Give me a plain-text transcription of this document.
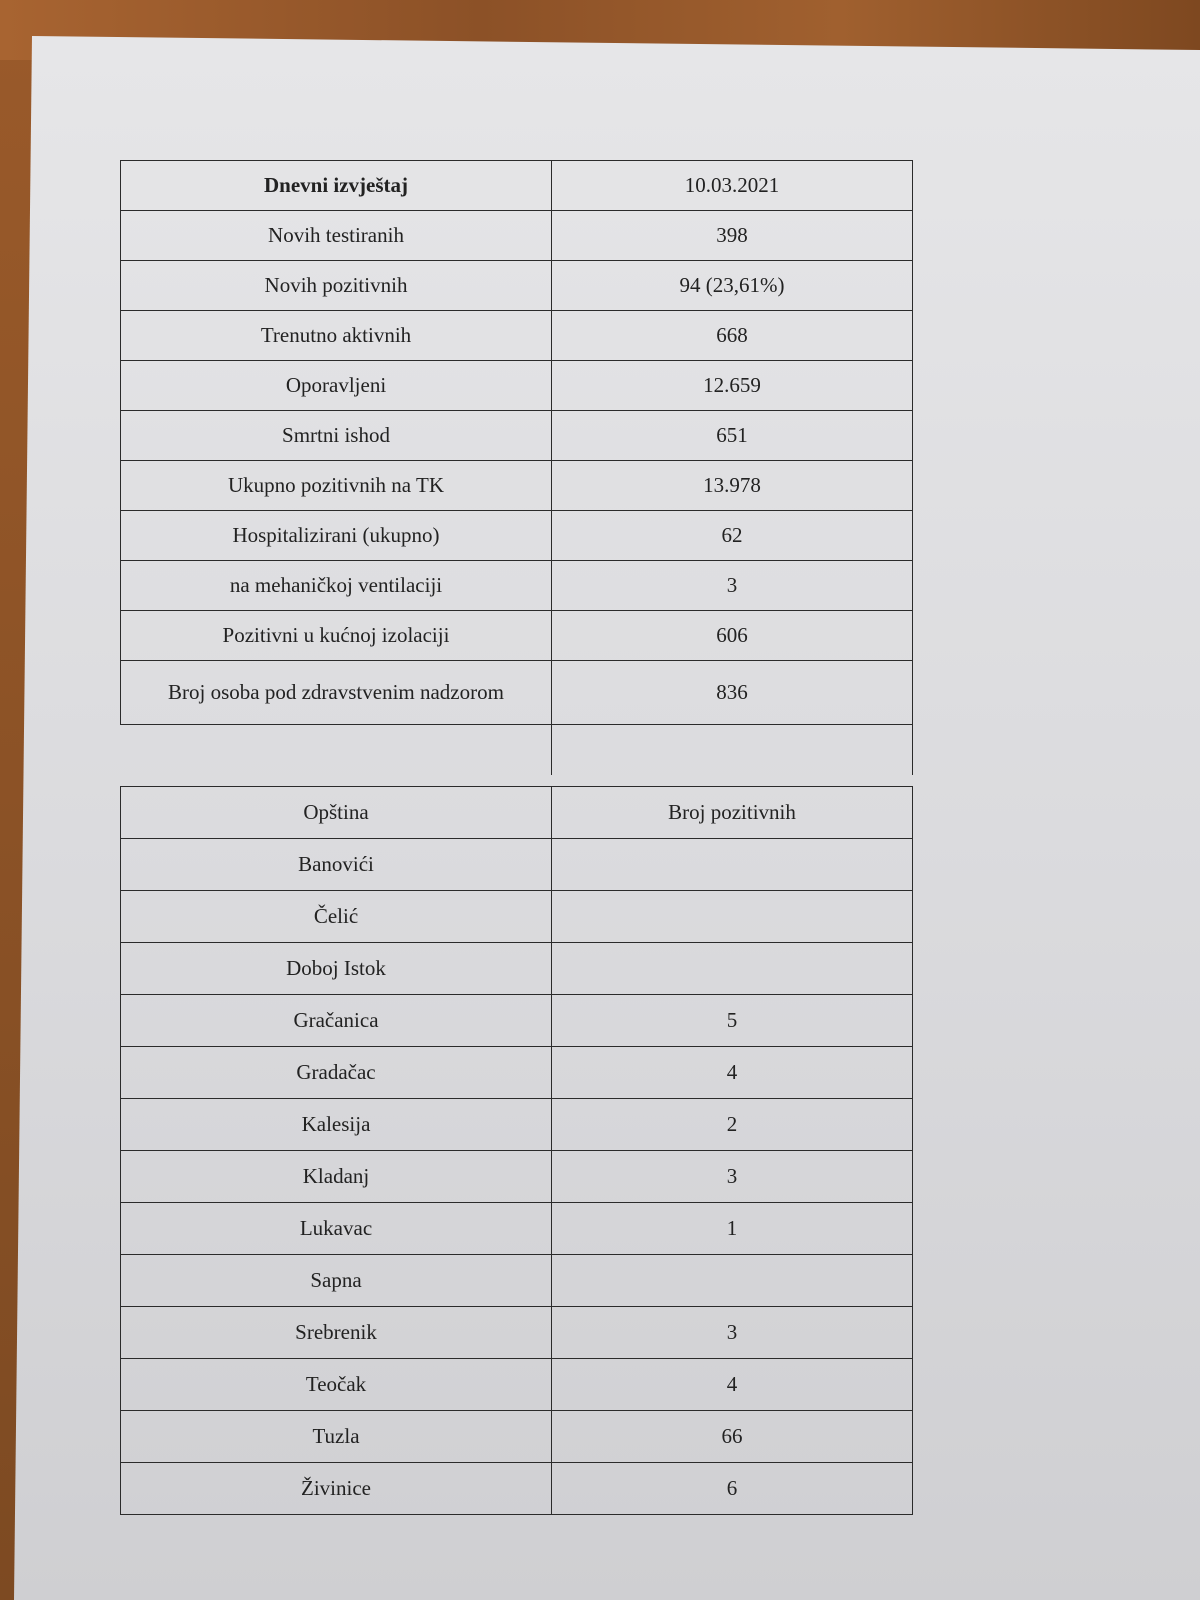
Dnevni izvještaj	10.03.2021
Novih testiranih	398
Novih pozitivnih	94 (23,61%)
Trenutno aktivnih	668
Oporavljeni	12.659
Smrtni ishod	651
Ukupno pozitivnih na TK	13.978
Hospitalizirani (ukupno)	62
na mehaničkoj ventilaciji	3
Pozitivni u kućnoj izolaciji	606
Broj osoba pod zdravstvenim nadzorom	836

Opština	Broj pozitivnih
Banovići	
Čelić	
Doboj Istok	
Gračanica	5
Gradačac	4
Kalesija	2
Kladanj	3
Lukavac	1
Sapna	
Srebrenik	3
Teočak	4
Tuzla	66
Živinice	6
